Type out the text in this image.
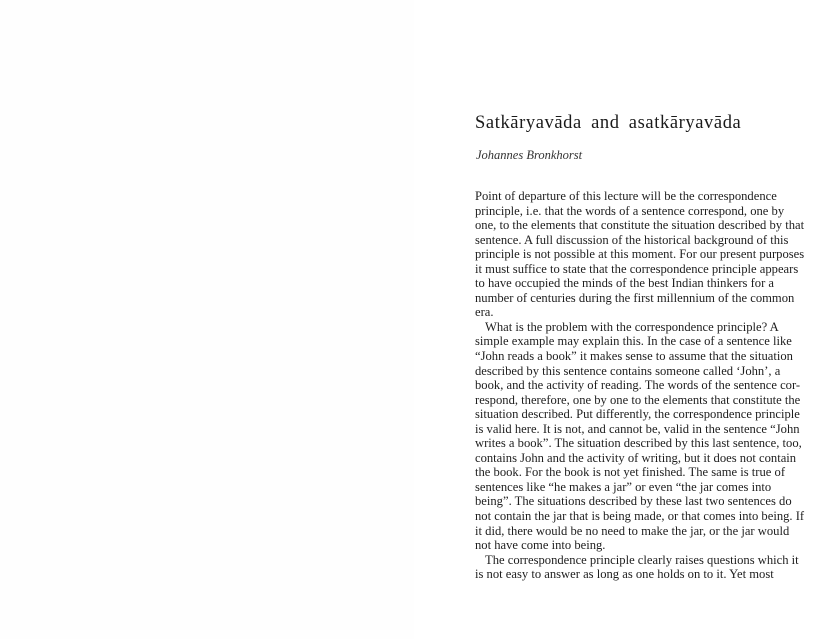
Satkāryavāda and asatkāryavāda
Johannes Bronkhorst
Point of departure of this lecture will be the correspondence
principle, i.e. that the words of a sentence correspond, one by
one, to the elements that constitute the situation described by that
sentence. A full discussion of the historical background of this
principle is not possible at this moment. For our present purposes
it must suffice to state that the correspondence principle appears
to have occupied the minds of the best Indian thinkers for a
number of centuries during the first millennium of the common
era.
What is the problem with the correspondence principle? A
simple example may explain this. In the case of a sentence like
“John reads a book” it makes sense to assume that the situation
described by this sentence contains someone called ‘John’, a
book, and the activity of reading. The words of the sentence cor-
respond, therefore, one by one to the elements that constitute the
situation described. Put differently, the correspondence principle
is valid here. It is not, and cannot be, valid in the sentence “John
writes a book”. The situation described by this last sentence, too,
contains John and the activity of writing, but it does not contain
the book. For the book is not yet finished. The same is true of
sentences like “he makes a jar” or even “the jar comes into
being”. The situations described by these last two sentences do
not contain the jar that is being made, or that comes into being. If
it did, there would be no need to make the jar, or the jar would
not have come into being.
The correspondence principle clearly raises questions which it
is not easy to answer as long as one holds on to it. Yet most
